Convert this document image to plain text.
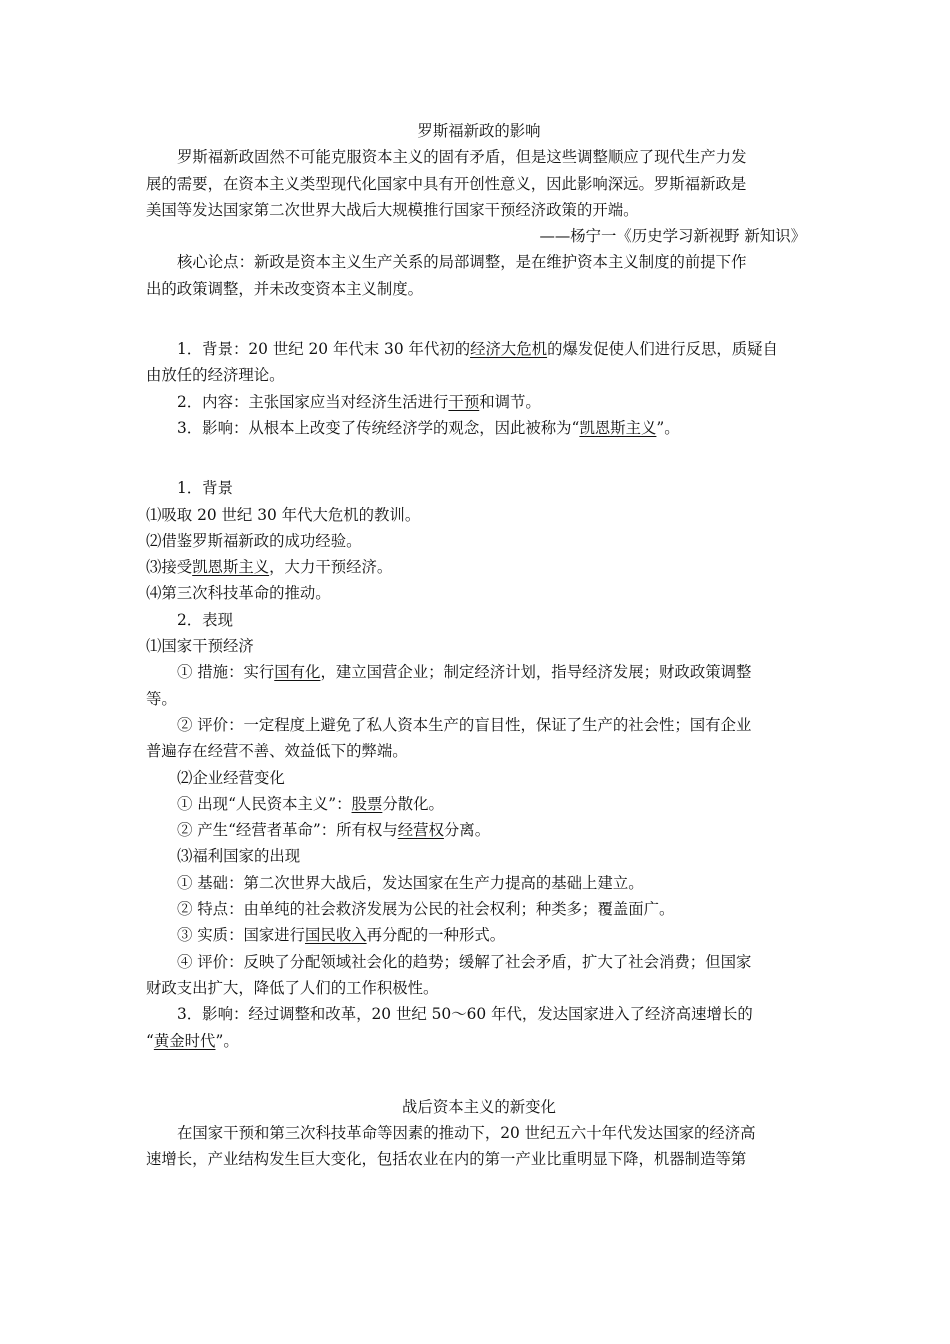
罗斯福新政的影响
罗斯福新政固然不可能克服资本主义的固有矛盾，但是这些调整顺应了现代生产力发
展的需要，在资本主义类型现代化国家中具有开创性意义，因此影响深远。罗斯福新政是
美国等发达国家第二次世界大战后大规模推行国家干预经济政策的开端。
——杨宁一《历史学习新视野 新知识》
核心论点：新政是资本主义生产关系的局部调整，是在维护资本主义制度的前提下作
出的政策调整，并未改变资本主义制度。
1．背景：20 世纪 20 年代末 30 年代初的经济大危机的爆发促使人们进行反思，质疑自
由放任的经济理论。
2．内容：主张国家应当对经济生活进行干预和调节。
3．影响：从根本上改变了传统经济学的观念，因此被称为“凯恩斯主义”。
1．背景
⑴吸取 20 世纪 30 年代大危机的教训。
⑵借鉴罗斯福新政的成功经验。
⑶接受凯恩斯主义，大力干预经济。
⑷第三次科技革命的推动。
2．表现
⑴国家干预经济
① 措施：实行国有化，建立国营企业；制定经济计划，指导经济发展；财政政策调整
等。
② 评价：一定程度上避免了私人资本生产的盲目性，保证了生产的社会性；国有企业
普遍存在经营不善、效益低下的弊端。
⑵企业经营变化
① 出现“人民资本主义”：股票分散化。
② 产生“经营者革命”：所有权与经营权分离。
⑶福利国家的出现
① 基础：第二次世界大战后，发达国家在生产力提高的基础上建立。
② 特点：由单纯的社会救济发展为公民的社会权利；种类多；覆盖面广。
③ 实质：国家进行国民收入再分配的一种形式。
④ 评价：反映了分配领域社会化的趋势；缓解了社会矛盾，扩大了社会消费；但国家
财政支出扩大，降低了人们的工作积极性。
3．影响：经过调整和改革，20 世纪 50～60 年代，发达国家进入了经济高速增长的
“黄金时代”。
战后资本主义的新变化
在国家干预和第三次科技革命等因素的推动下，20 世纪五六十年代发达国家的经济高
速增长，产业结构发生巨大变化，包括农业在内的第一产业比重明显下降，机器制造等第
